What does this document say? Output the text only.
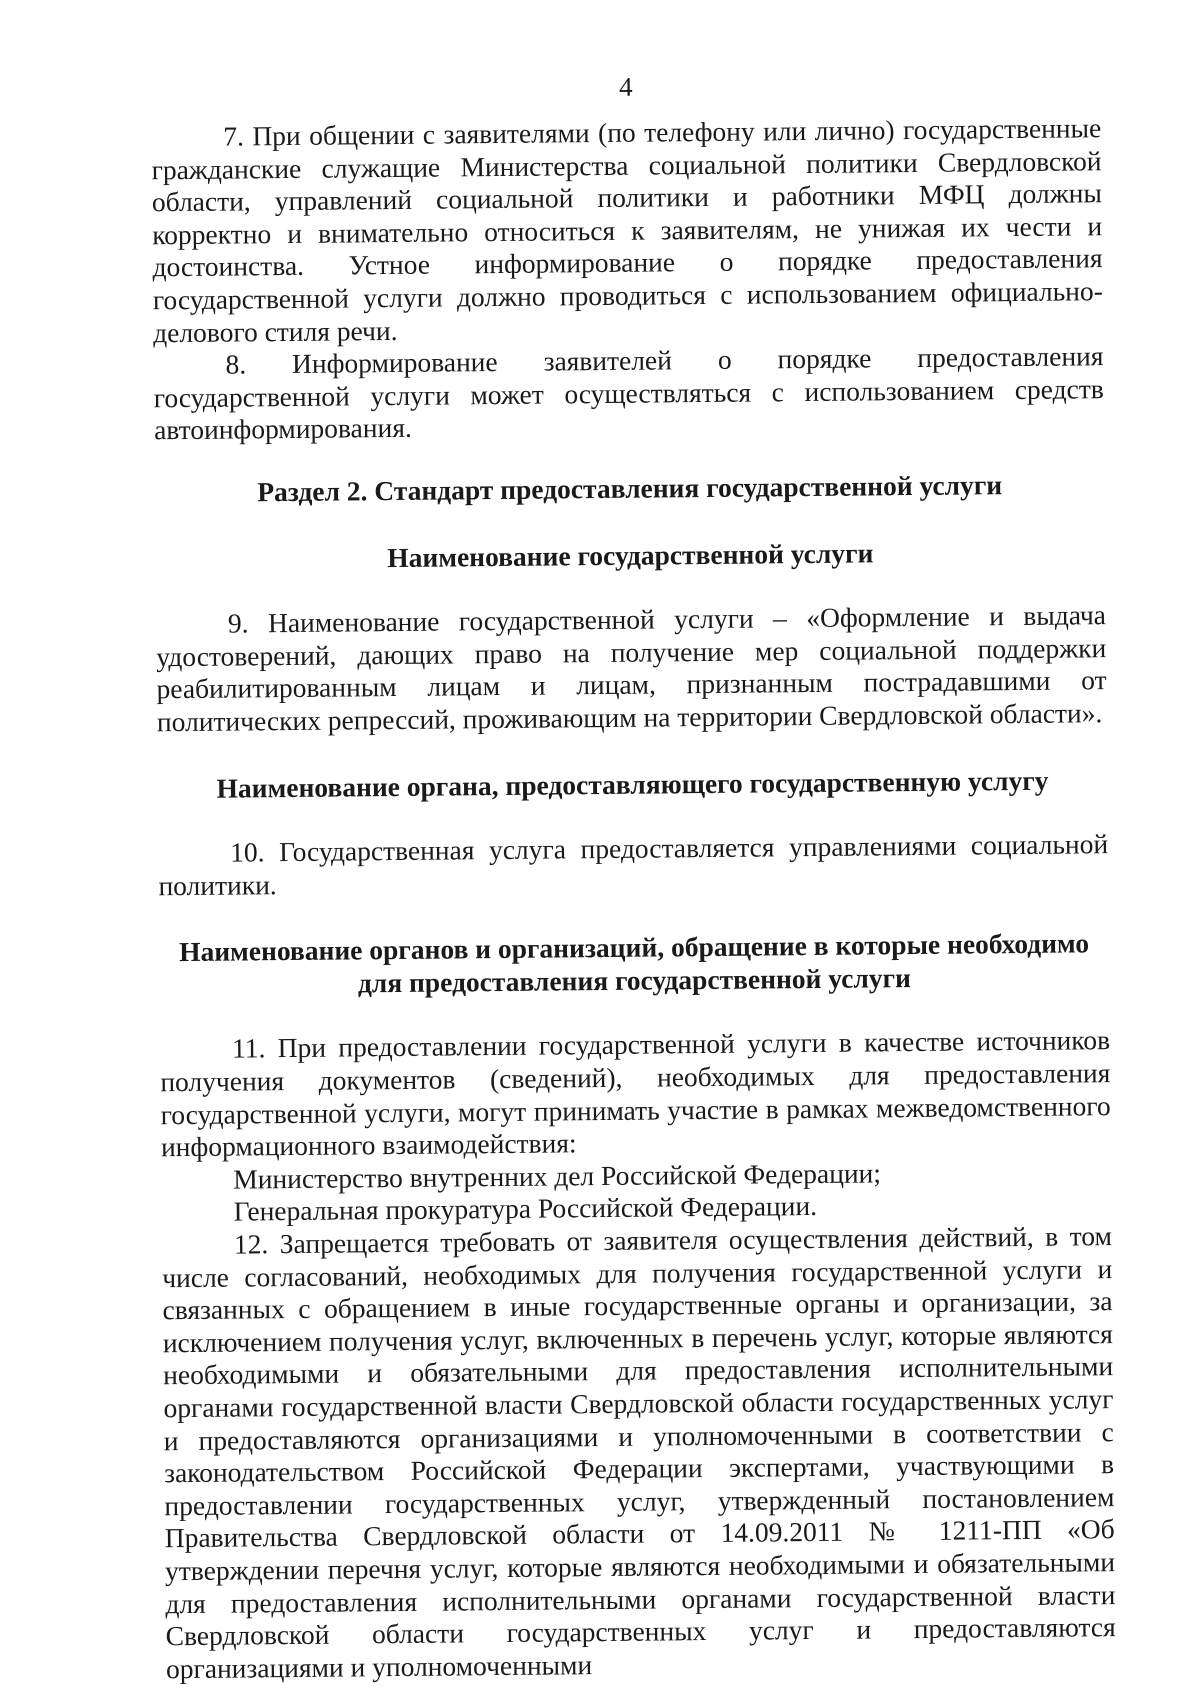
4

7. При общении с заявителями (по телефону или лично) государственные гражданские служащие Министерства социальной политики Свердловской области, управлений социальной политики и работники МФЦ должны корректно и внимательно относиться к заявителям, не унижая их чести и достоинства. Устное информирование о порядке предоставления государственной услуги должно проводиться с использованием официально-делового стиля речи.

8. Информирование заявителей о порядке предоставления государственной услуги может осуществляться с использованием средств автоинформирования.

Раздел 2. Стандарт предоставления государственной услуги
Наименование государственной услуги

9. Наименование государственной услуги – «Оформление и выдача удостоверений, дающих право на получение мер социальной поддержки реабилитированным лицам и лицам, признанным пострадавшими от политических репрессий, проживающим на территории Свердловской области».

Наименование органа, предоставляющего государственную услугу

10. Государственная услуга предоставляется управлениями социальной политики.

Наименование органов и организаций, обращение в которые необходимо для предоставления государственной услуги

11. При предоставлении государственной услуги в качестве источников получения документов (сведений), необходимых для предоставления государственной услуги, могут принимать участие в рамках межведомственного информационного взаимодействия:

Министерство внутренних дел Российской Федерации;

Генеральная прокуратура Российской Федерации.

12. Запрещается требовать от заявителя осуществления действий, в том числе согласований, необходимых для получения государственной услуги и связанных с обращением в иные государственные органы и организации, за исключением получения услуг, включенных в перечень услуг, которые являются необходимыми и обязательными для предоставления исполнительными органами государственной власти Свердловской области государственных услуг и предоставляются организациями и уполномоченными в соответствии с законодательством Российской Федерации экспертами, участвующими в предоставлении государственных услуг, утвержденный постановлением Правительства Свердловской области от 14.09.2011 № 1211-ПП «Об утверждении перечня услуг, которые являются необходимыми и обязательными для предоставления исполнительными органами государственной власти Свердловской области государственных услуг и предоставляются организациями и уполномоченными
